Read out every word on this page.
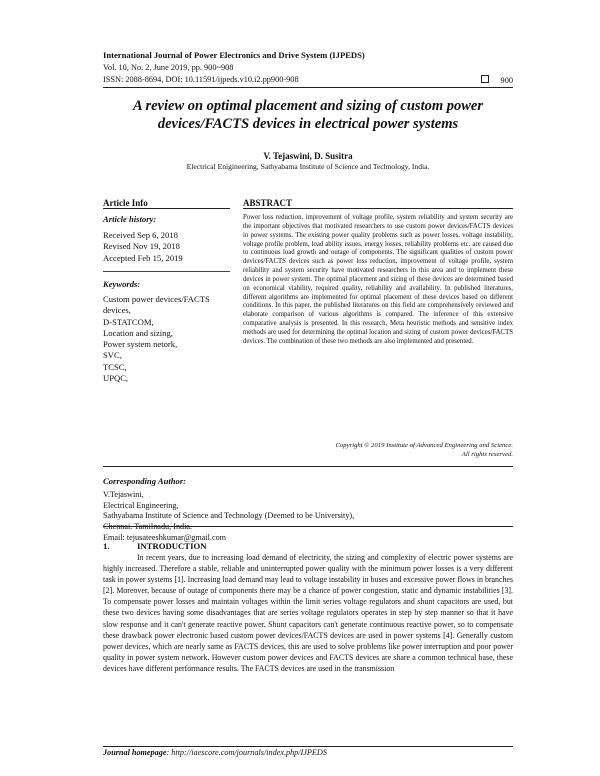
International Journal of Power Electronics and Drive System (IJPEDS)
Vol. 10, No. 2, June 2019, pp. 900~908
ISSN: 2088-8694, DOI: 10.11591/ijpeds.v10.i2.pp900-908	900
A review on optimal placement and sizing of custom power devices/FACTS devices in electrical power systems
V. Tejaswini, D. Susitra
Electrical Enigineering, Sathyabama Institute of Science and Technology, India.
Article Info	ABSTRACT
Article history:
Received Sep 6, 2018
Revised Nov 19, 2018
Accepted Feb 15, 2019
Keywords:
Custom power devices/FACTS
devices,
D-STATCOM,
Location and sizing,
Power system netork,
SVC,
TCSC,
UPQC,
Power loss reduction, improvement of voltage profile, system reliability and system security are the important objectives that motivated researchers to use custom power devices/FACTS devices in power systems. The existing power quality problems such as power losses, voltage instability, voltage profile problem, load ability issues, energy losses, reliability problems etc. are caused due to continuous load growth and outage of components. The significant qualities of custom power devices/FACTS devices such as power loss reduction, improvement of voltage profile, system reliability and system security have motivated researchers in this area and to implement these devices in power system. The optimal placement and sizing of these devices are determined based on economical viability, required quality, reliability and availability. In published literatures, different algorithms are implemented for optimal placement of these devices based on different conditions. In this paper, the published literatures on this field are comprehensively reviewed and elaborate comparison of various algorithms is compared. The inference of this extensive comparative analysis is presented. In this research, Meta heuristic methods and sensitive index methods are used for determining the optimal location and sizing of custom power devices/FACTS devices. The combination of these two methods are also implemented and presented.
Copyright © 2019 Institute of Advanced Engineering and Science.
All rights reserved.
Corresponding Author:
V.Tejaswini,
Electrical Engineering,
Sathyabama Institute of Science and Technology (Deemed to be University),
Chennai. Tamilnadu, India.
Email: tejusateeshkumar@gmail.com
1.	INTRODUCTION
In recent years, due to increasing load demand of electricity, the sizing and complexity of electric power systems are highly increased. Therefore a stable, reliable and uninterrupted power quality with the minimum power losses is a very different task in power systems [1]. Increasing load demand may lead to voltage instability in buses and excessive power flows in branches [2]. Moreover, because of outage of components there may be a chance of power congestion, static and dynamic instabilities [3]. To compensate power losses and maintain voltages within the limit series voltage regulators and shunt capacitors are used, but these two devices having some disadvantages that are series voltage regulators operates in step by step manner so that it have slow response and it can't generate reactive power. Shunt capacitors can't generate continuous reactive power, so to compensate these drawback power electronic based custom power devices/FACTS devices are used in power systems [4]. Generally custom power devices, which are nearly same as FACTS devices, this are used to solve problems like power interruption and poor power quality in power system network. However custom power devices and FACTS devices are share a common technical base, these devices have different performance results. The FACTS devices are used in the transmission
Journal homepage: http://iaescore.com/journals/index.php/IJPEDS
